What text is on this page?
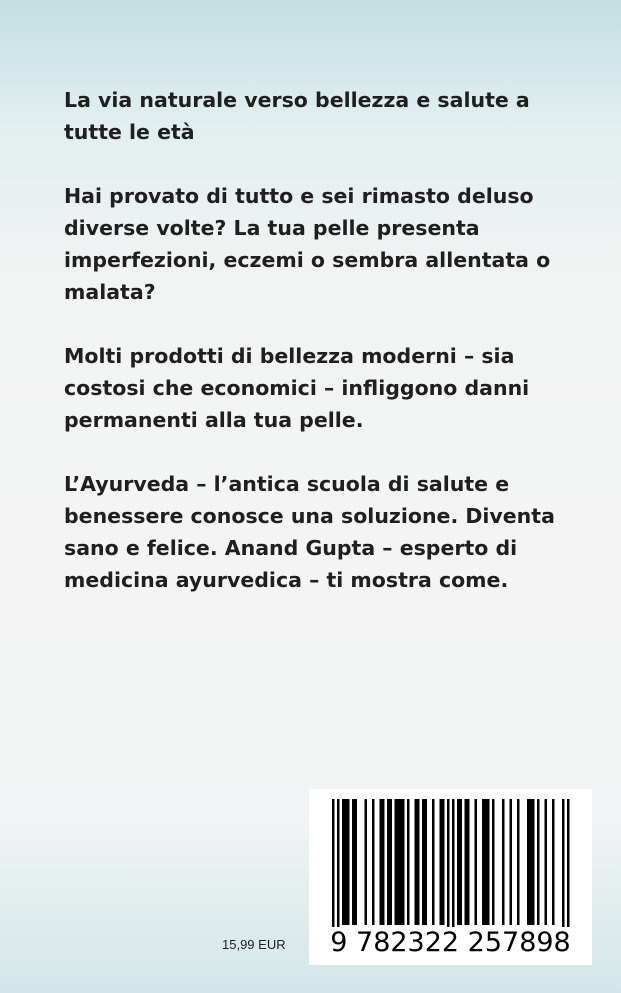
La via naturale verso bellezza e salute a tutte le età

Hai provato di tutto e sei rimasto deluso diverse volte? La tua pelle presenta imperfezioni, eczemi o sembra allentata o malata?

Molti prodotti di bellezza moderni – sia costosi che economici – infliggono danni permanenti alla tua pelle.

L’Ayurveda – l’antica scuola di salute e benessere conosce una soluzione. Diventa sano e felice. Anand Gupta – esperto di medicina ayurvedica – ti mostra come.

15,99 EUR	9 782322 257898
